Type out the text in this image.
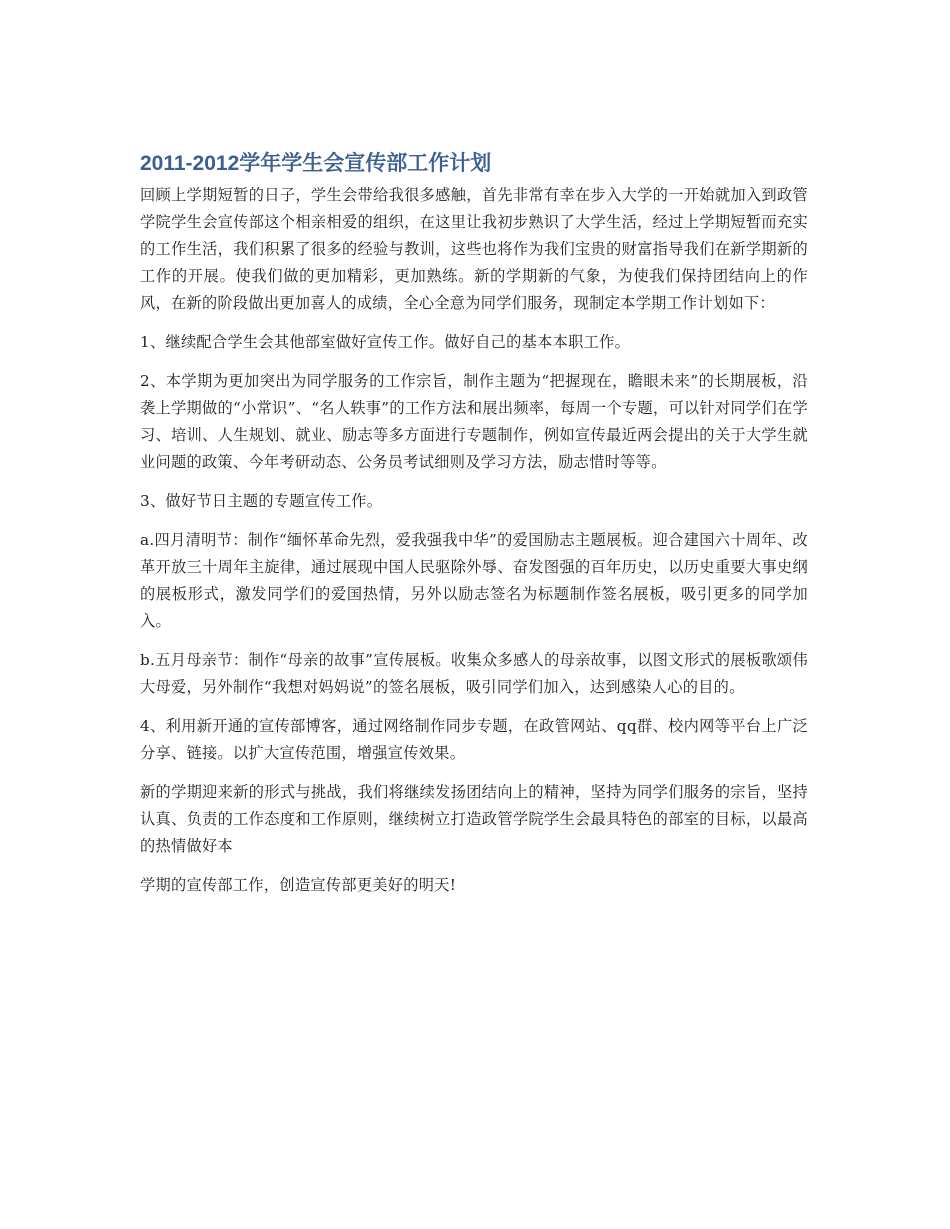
2011-2012学年学生会宣传部工作计划

回顾上学期短暂的日子，学生会带给我很多感触，首先非常有幸在步入大学的一开始就加入到政管学院学生会宣传部这个相亲相爱的组织，在这里让我初步熟识了大学生活，经过上学期短暂而充实的工作生活，我们积累了很多的经验与教训，这些也将作为我们宝贵的财富指导我们在新学期新的工作的开展。使我们做的更加精彩，更加熟练。新的学期新的气象，为使我们保持团结向上的作风，在新的阶段做出更加喜人的成绩，全心全意为同学们服务，现制定本学期工作计划如下：

1、继续配合学生会其他部室做好宣传工作。做好自己的基本本职工作。

2、本学期为更加突出为同学服务的工作宗旨，制作主题为“把握现在，瞻眼未来”的长期展板，沿袭上学期做的“小常识”、“名人轶事”的工作方法和展出频率，每周一个专题，可以针对同学们在学习、培训、人生规划、就业、励志等多方面进行专题制作，例如宣传最近两会提出的关于大学生就业问题的政策、今年考研动态、公务员考试细则及学习方法，励志惜时等等。

3、做好节日主题的专题宣传工作。

a.四月清明节：制作“缅怀革命先烈，爱我强我中华”的爱国励志主题展板。迎合建国六十周年、改革开放三十周年主旋律，通过展现中国人民驱除外辱、奋发图强的百年历史，以历史重要大事史纲的展板形式，激发同学们的爱国热情，另外以励志签名为标题制作签名展板，吸引更多的同学加入。

b.五月母亲节：制作“母亲的故事”宣传展板。收集众多感人的母亲故事，以图文形式的展板歌颂伟大母爱，另外制作“我想对妈妈说”的签名展板，吸引同学们加入，达到感染人心的目的。

4、利用新开通的宣传部博客，通过网络制作同步专题，在政管网站、qq群、校内网等平台上广泛分享、链接。以扩大宣传范围，增强宣传效果。

新的学期迎来新的形式与挑战，我们将继续发扬团结向上的精神，坚持为同学们服务的宗旨，坚持认真、负责的工作态度和工作原则，继续树立打造政管学院学生会最具特色的部室的目标，以最高的热情做好本

学期的宣传部工作，创造宣传部更美好的明天!
